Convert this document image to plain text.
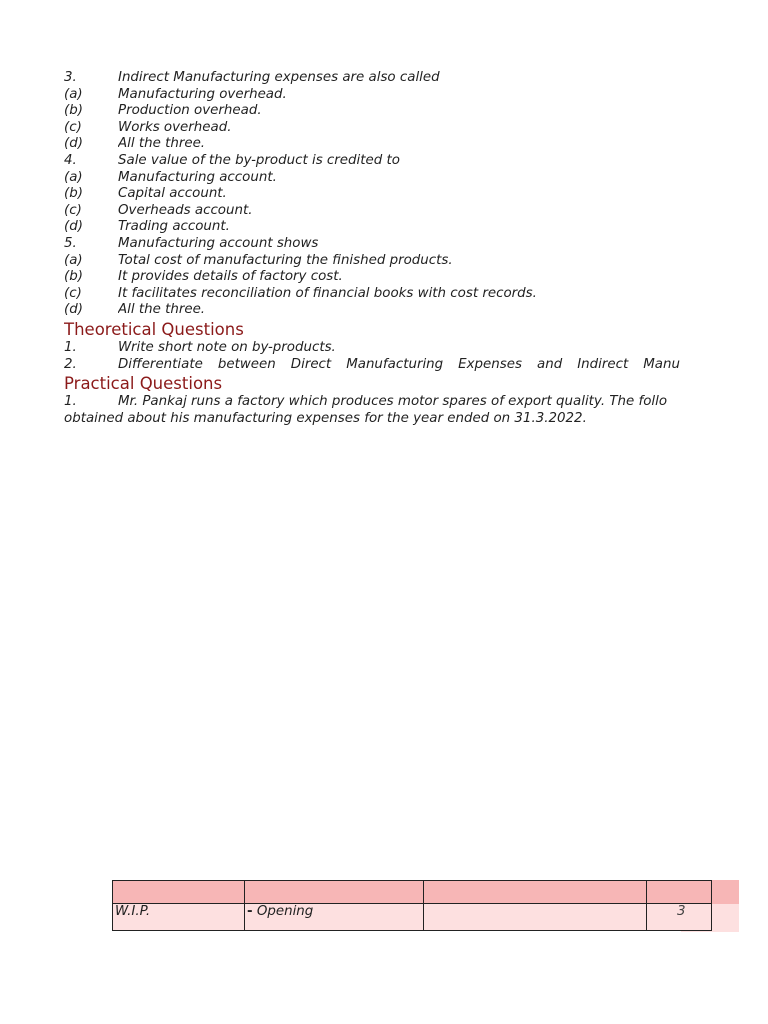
3.	Indirect Manufacturing expenses are also called
(a)	Manufacturing overhead.
(b)	Production overhead.
(c)	Works overhead.
(d)	All the three.
4.	Sale value of the by-product is credited to
(a)	Manufacturing account.
(b)	Capital account.
(c)	Overheads account.
(d)	Trading account.
5.	Manufacturing account shows
(a)	Total cost of manufacturing the finished products.
(b)	It provides details of factory cost.
(c)	It facilitates reconciliation of financial books with cost records.
(d)	All the three.
Theoretical Questions
1.	Write short note on by-products.
2.	Differentiate between Direct Manufacturing Expenses and Indirect Manu
Practical Questions
1.	Mr. Pankaj runs a factory which produces motor spares of export quality. The follo
obtained about his manufacturing expenses for the year ended on 31.3.2022.

W.I.P.	- Opening		3
